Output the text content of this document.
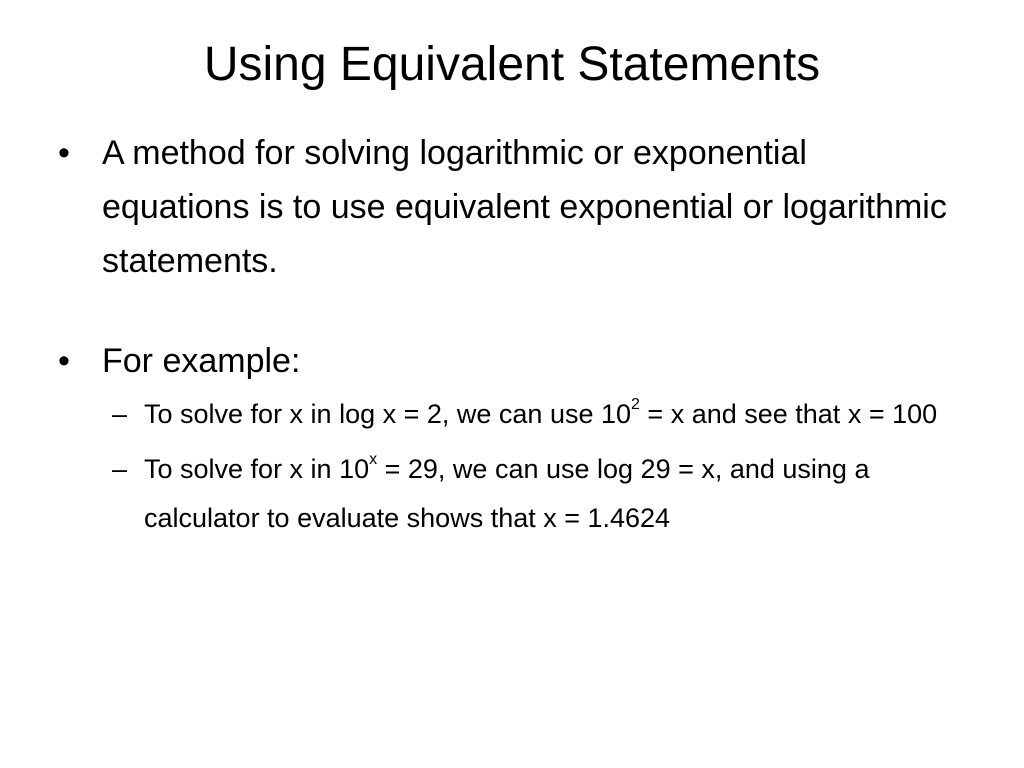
Using Equivalent Statements
• A method for solving logarithmic or exponential equations is to use equivalent exponential or logarithmic statements.
• For example:
– To solve for x in log x = 2, we can use $10^2 = x$ and see that x = 100
– To solve for x in $10^x = 29$, we can use log 29 = x, and using a calculator to evaluate shows that x = 1.4624
